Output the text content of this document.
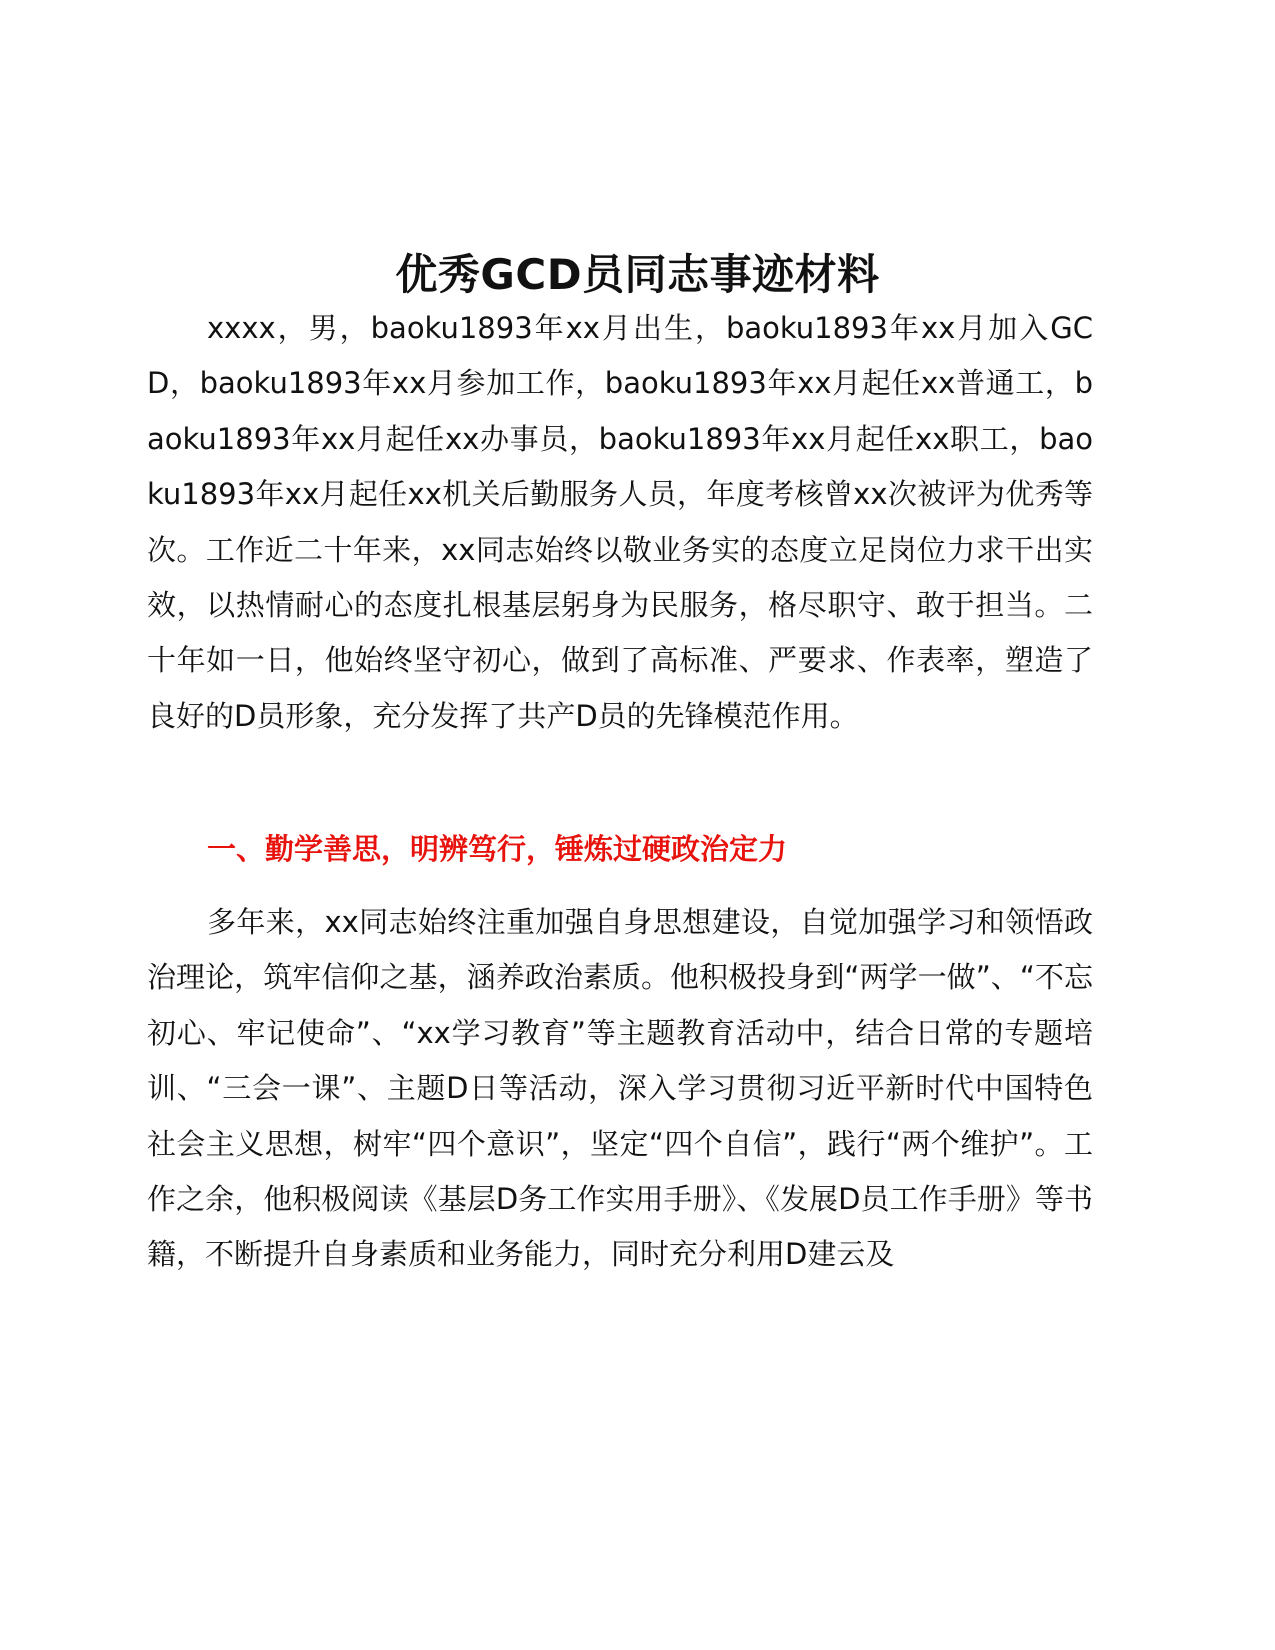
优秀GCD员同志事迹材料

xxxx，男，baoku1893年xx月出生，baoku1893年xx月加入GCD，baoku1893年xx月参加工作，baoku1893年xx月起任xx普通工，baoku1893年xx月起任xx办事员，baoku1893年xx月起任xx职工，baoku1893年xx月起任xx机关后勤服务人员，年度考核曾xx次被评为优秀等次。工作近二十年来，xx同志始终以敬业务实的态度立足岗位力求干出实效，以热情耐心的态度扎根基层躬身为民服务，格尽职守、敢于担当。二十年如一日，他始终坚守初心，做到了高标准、严要求、作表率，塑造了良好的D员形象，充分发挥了共产D员的先锋模范作用。

一、勤学善思，明辨笃行，锤炼过硬政治定力

多年来，xx同志始终注重加强自身思想建设，自觉加强学习和领悟政治理论，筑牢信仰之基，涵养政治素质。他积极投身到“两学一做”、“不忘初心、牢记使命”、“xx学习教育”等主题教育活动中，结合日常的专题培训、“三会一课”、主题D日等活动，深入学习贯彻习近平新时代中国特色社会主义思想，树牢“四个意识”，坚定“四个自信”，践行“两个维护”。工作之余，他积极阅读《基层D务工作实用手册》、《发展D员工作手册》等书籍，不断提升自身素质和业务能力，同时充分利用D建云及
